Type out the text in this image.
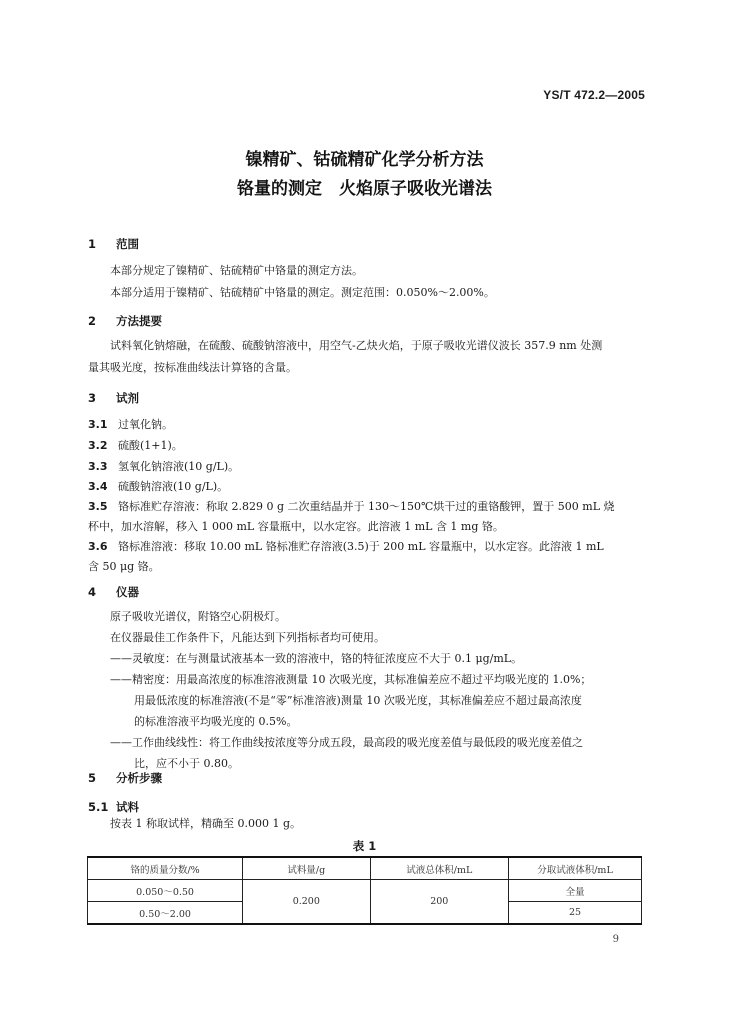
YS/T 472.2—2005
镍精矿、钴硫精矿化学分析方法
铬量的测定　火焰原子吸收光谱法
1 范围
本部分规定了镍精矿、钴硫精矿中铬量的测定方法。
本部分适用于镍精矿、钴硫精矿中铬量的测定。测定范围：0.050%～2.00%。
2 方法提要
试料氧化钠熔融，在硫酸、硫酸钠溶液中，用空气-乙炔火焰，于原子吸收光谱仪波长 357.9 nm 处测
量其吸光度，按标准曲线法计算铬的含量。
3 试剂
3.1 过氧化钠。
3.2 硫酸(1+1)。
3.3 氢氧化钠溶液(10 g/L)。
3.4 硫酸钠溶液(10 g/L)。
3.5 铬标准贮存溶液：称取 2.829 0 g 二次重结晶并于 130～150℃烘干过的重铬酸钾，置于 500 mL 烧
杯中，加水溶解，移入 1 000 mL 容量瓶中，以水定容。此溶液 1 mL 含 1 mg 铬。
3.6 铬标准溶液：移取 10.00 mL 铬标准贮存溶液(3.5)于 200 mL 容量瓶中，以水定容。此溶液 1 mL
含 50 μg 铬。
4 仪器
原子吸收光谱仪，附铬空心阴极灯。
在仪器最佳工作条件下，凡能达到下列指标者均可使用。
——灵敏度：在与测量试液基本一致的溶液中，铬的特征浓度应不大于 0.1 μg/mL。
——精密度：用最高浓度的标准溶液测量 10 次吸光度，其标准偏差应不超过平均吸光度的 1.0%；
用最低浓度的标准溶液(不是“零”标准溶液)测量 10 次吸光度，其标准偏差应不超过最高浓度
的标准溶液平均吸光度的 0.5%。
——工作曲线线性：将工作曲线按浓度等分成五段，最高段的吸光度差值与最低段的吸光度差值之
比，应不小于 0.80。
5 分析步骤
5.1 试料
按表 1 称取试样，精确至 0.000 1 g。
表 1
铬的质量分数/%	试料量/g	试液总体积/mL	分取试液体积/mL
0.050～0.50	0.200	200	全量
0.50～2.00			25
9
